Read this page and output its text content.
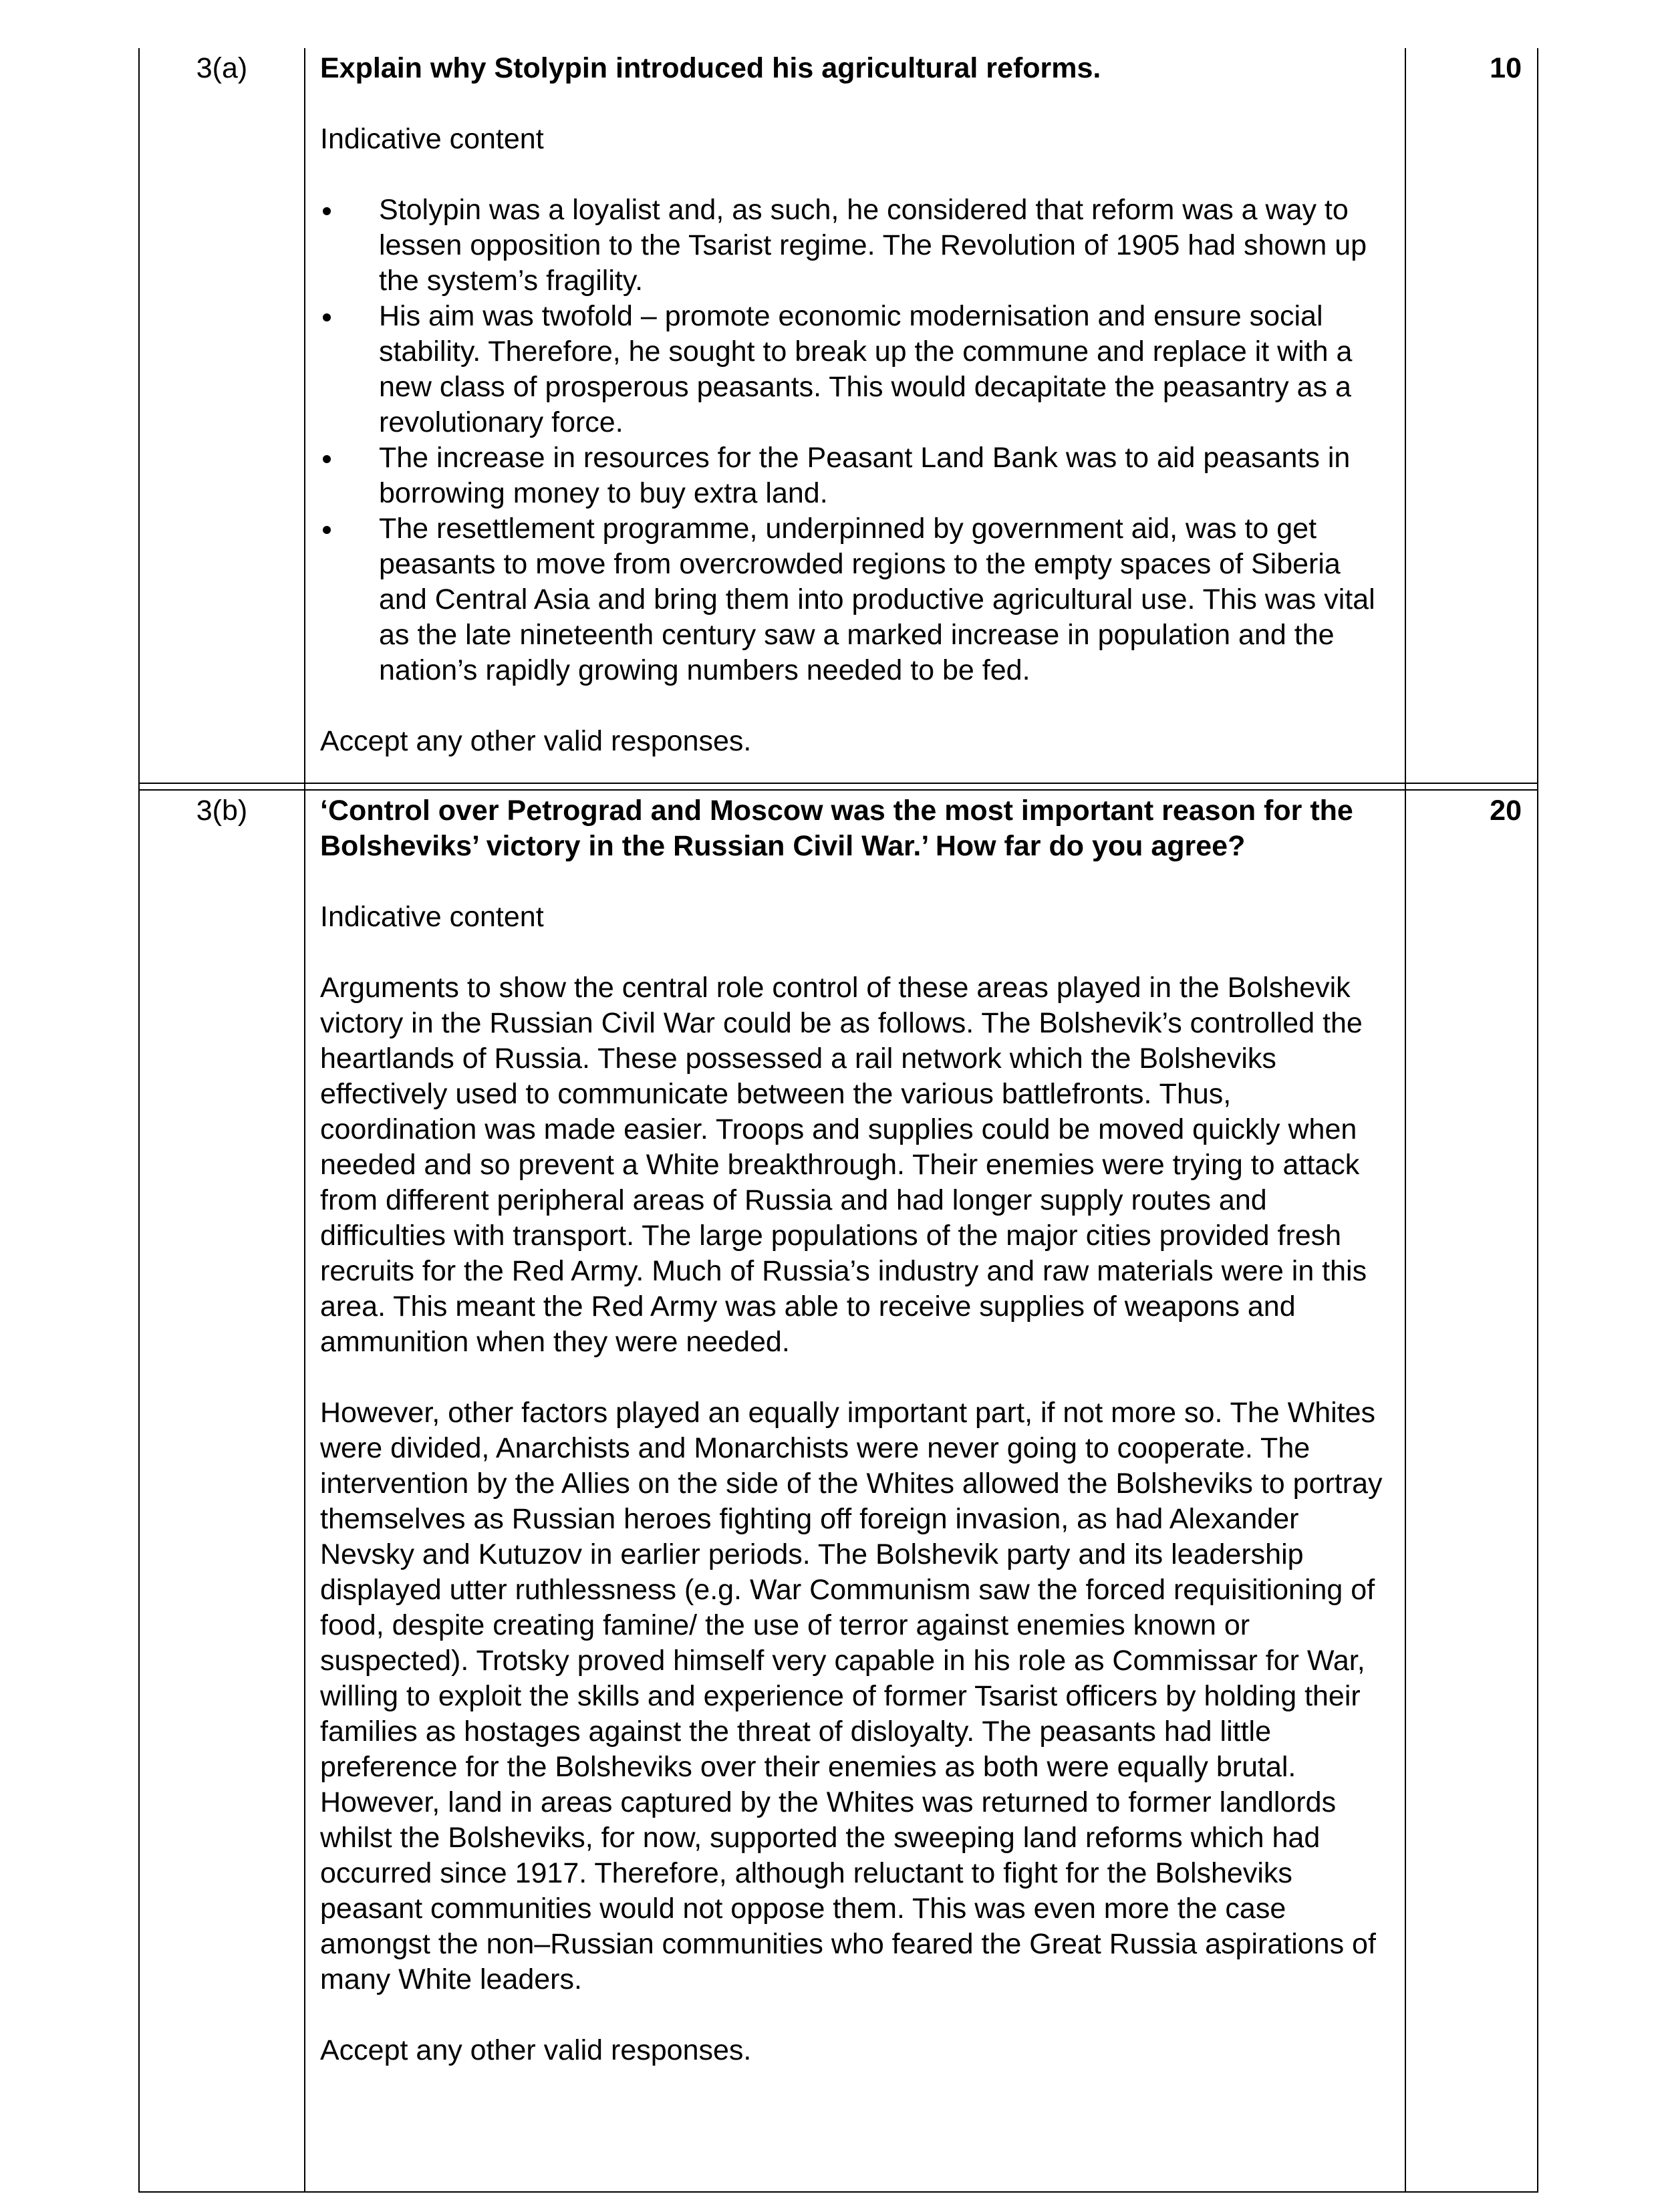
3(a)	Explain why Stolypin introduced his agricultural reforms.

Indicative content

Stolypin was a loyalist and, as such, he considered that reform was a way to lessen opposition to the Tsarist regime. The Revolution of 1905 had shown up the system’s fragility.
His aim was twofold – promote economic modernisation and ensure social stability. Therefore, he sought to break up the commune and replace it with a new class of prosperous peasants. This would decapitate the peasantry as a revolutionary force.
The increase in resources for the Peasant Land Bank was to aid peasants in borrowing money to buy extra land.
The resettlement programme, underpinned by government aid, was to get peasants to move from overcrowded regions to the empty spaces of Siberia and Central Asia and bring them into productive agricultural use. This was vital as the late nineteenth century saw a marked increase in population and the nation’s rapidly growing numbers needed to be fed.

Accept any other valid responses.

10
3(b)	‘Control over Petrograd and Moscow was the most important reason for the Bolsheviks’ victory in the Russian Civil War.’ How far do you agree?

Indicative content

Arguments to show the central role control of these areas played in the Bolshevik victory in the Russian Civil War could be as follows. The Bolshevik’s controlled the heartlands of Russia. These possessed a rail network which the Bolsheviks effectively used to communicate between the various battlefronts. Thus, coordination was made easier. Troops and supplies could be moved quickly when needed and so prevent a White breakthrough. Their enemies were trying to attack from different peripheral areas of Russia and had longer supply routes and difficulties with transport. The large populations of the major cities provided fresh recruits for the Red Army. Much of Russia’s industry and raw materials were in this area. This meant the Red Army was able to receive supplies of weapons and ammunition when they were needed.

However, other factors played an equally important part, if not more so. The Whites were divided, Anarchists and Monarchists were never going to cooperate. The intervention by the Allies on the side of the Whites allowed the Bolsheviks to portray themselves as Russian heroes fighting off foreign invasion, as had Alexander Nevsky and Kutuzov in earlier periods. The Bolshevik party and its leadership displayed utter ruthlessness (e.g. War Communism saw the forced requisitioning of food, despite creating famine/ the use of terror against enemies known or suspected). Trotsky proved himself very capable in his role as Commissar for War, willing to exploit the skills and experience of former Tsarist officers by holding their families as hostages against the threat of disloyalty. The peasants had little preference for the Bolsheviks over their enemies as both were equally brutal. However, land in areas captured by the Whites was returned to former landlords whilst the Bolsheviks, for now, supported the sweeping land reforms which had occurred since 1917. Therefore, although reluctant to fight for the Bolsheviks peasant communities would not oppose them. This was even more the case amongst the non–Russian communities who feared the Great Russia aspirations of many White leaders.

Accept any other valid responses.

20
